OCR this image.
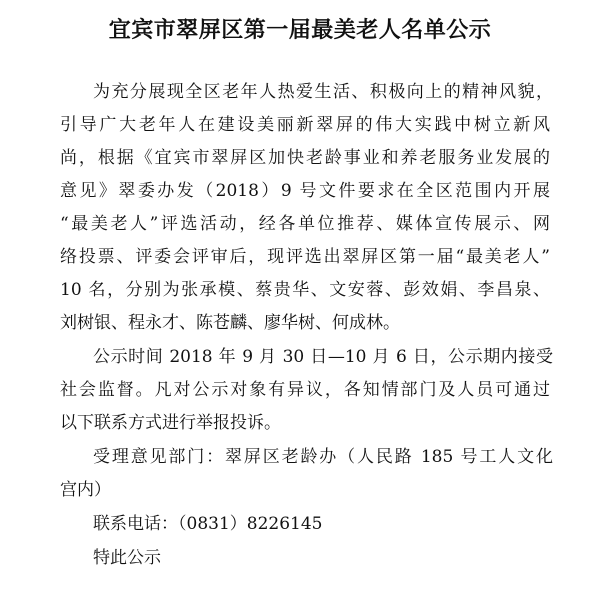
宜宾市翠屏区第一届最美老人名单公示
为充分展现全区老年人热爱生活、积极向上的精神风貌，
引导广大老年人在建设美丽新翠屏的伟大实践中树立新风
尚，根据《宜宾市翠屏区加快老龄事业和养老服务业发展的
意见》翠委办发（2018）9 号文件要求在全区范围内开展
“最美老人”评选活动，经各单位推荐、媒体宣传展示、网
络投票、评委会评审后，现评选出翠屏区第一届“最美老人”
10 名，分别为张承模、蔡贵华、文安蓉、彭效娟、李昌泉、
刘树银、程永才、陈苍麟、廖华树、何成林。
公示时间 2018 年 9 月 30 日—10 月 6 日，公示期内接受
社会监督。凡对公示对象有异议，各知情部门及人员可通过
以下联系方式进行举报投诉。
受理意见部门：翠屏区老龄办（人民路 185 号工人文化
宫内）
联系电话：（0831）8226145
特此公示
